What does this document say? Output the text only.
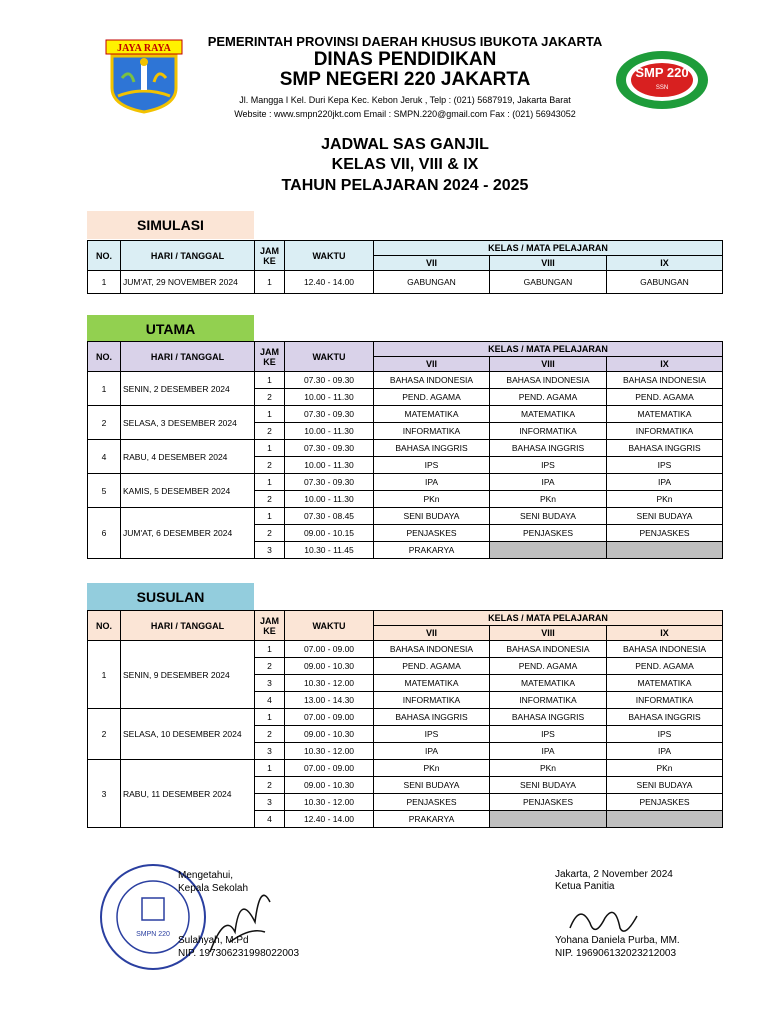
JAYA RAYA	PEMERINTAH PROVINSI DAERAH KHUSUS IBUKOTA JAKARTA
DINAS PENDIDIKAN
SMP NEGERI 220 JAKARTA
Jl. Mangga I Kel. Duri Kepa Kec. Kebon Jeruk , Telp : (021) 5687919, Jakarta Barat
Website : www.smpn220jkt.com Email : SMPN.220@gmail.com Fax : (021) 56943052
SMP 220
SSN
JADWAL SAS GANJIL
KELAS VII, VIII & IX
TAHUN PELAJARAN 2024 - 2025
SIMULASI
UTAMA
SUSULAN
NO.	HARI / TANGGAL	JAM
KE	WAKTU	KELAS / MATA PELAJARAN		
				VII	VIII	IX
1	JUM'AT, 29 NOVEMBER 2024	1	12.40 - 14.00	GABUNGAN	GABUNGAN	GABUNGAN
NO.	HARI / TANGGAL	JAM
KE	WAKTU	KELAS / MATA PELAJARAN		
				VII	VIII	IX
1	SENIN, 2 DESEMBER 2024	1	07.30 - 09.30	BAHASA INDONESIA	BAHASA INDONESIA	BAHASA INDONESIA
		2	10.00 - 11.30	PEND. AGAMA	PEND. AGAMA	PEND. AGAMA
2	SELASA, 3 DESEMBER 2024	1	07.30 - 09.30	MATEMATIKA	MATEMATIKA	MATEMATIKA
		2	10.00 - 11.30	INFORMATIKA	INFORMATIKA	INFORMATIKA
4	RABU, 4 DESEMBER 2024	1	07.30 - 09.30	BAHASA INGGRIS	BAHASA INGGRIS	BAHASA INGGRIS
		2	10.00 - 11.30	IPS	IPS	IPS
5	KAMIS, 5 DESEMBER 2024	1	07.30 - 09.30	IPA	IPA	IPA
		2	10.00 - 11.30	PKn	PKn	PKn
6	JUM'AT, 6 DESEMBER 2024	1	07.30 - 08.45	SENI BUDAYA	SENI BUDAYA	SENI BUDAYA
		2	09.00 - 10.15	PENJASKES	PENJASKES	PENJASKES
		3	10.30 - 11.45	PRAKARYA		
NO.	HARI / TANGGAL	JAM
KE	WAKTU	KELAS / MATA PELAJARAN		
				VII	VIII	IX
1	SENIN, 9 DESEMBER 2024	1	07.00 - 09.00	BAHASA INDONESIA	BAHASA INDONESIA	BAHASA INDONESIA
		2	09.00 - 10.30	PEND. AGAMA	PEND. AGAMA	PEND. AGAMA
		3	10.30 - 12.00	MATEMATIKA	MATEMATIKA	MATEMATIKA
		4	13.00 - 14.30	INFORMATIKA	INFORMATIKA	INFORMATIKA
2	SELASA, 10 DESEMBER 2024	1	07.00 - 09.00	BAHASA INGGRIS	BAHASA INGGRIS	BAHASA INGGRIS
		2	09.00 - 10.30	IPS	IPS	IPS
		3	10.30 - 12.00	IPA	IPA	IPA
3	RABU, 11 DESEMBER 2024	1	07.00 - 09.00	PKn	PKn	PKn
		2	09.00 - 10.30	SENI BUDAYA	SENI BUDAYA	SENI BUDAYA
		3	10.30 - 12.00	PENJASKES	PENJASKES	PENJASKES
		4	12.40 - 14.00	PRAKARYA		
SMPN 220
Mengetahui,
Kepala Sekolah
Sulahyah, M.Pd
NIP. 197306231998022003
Jakarta, 2 November 2024
Ketua Panitia
Yohana Daniela Purba, MM.
NIP. 196906132023212003
